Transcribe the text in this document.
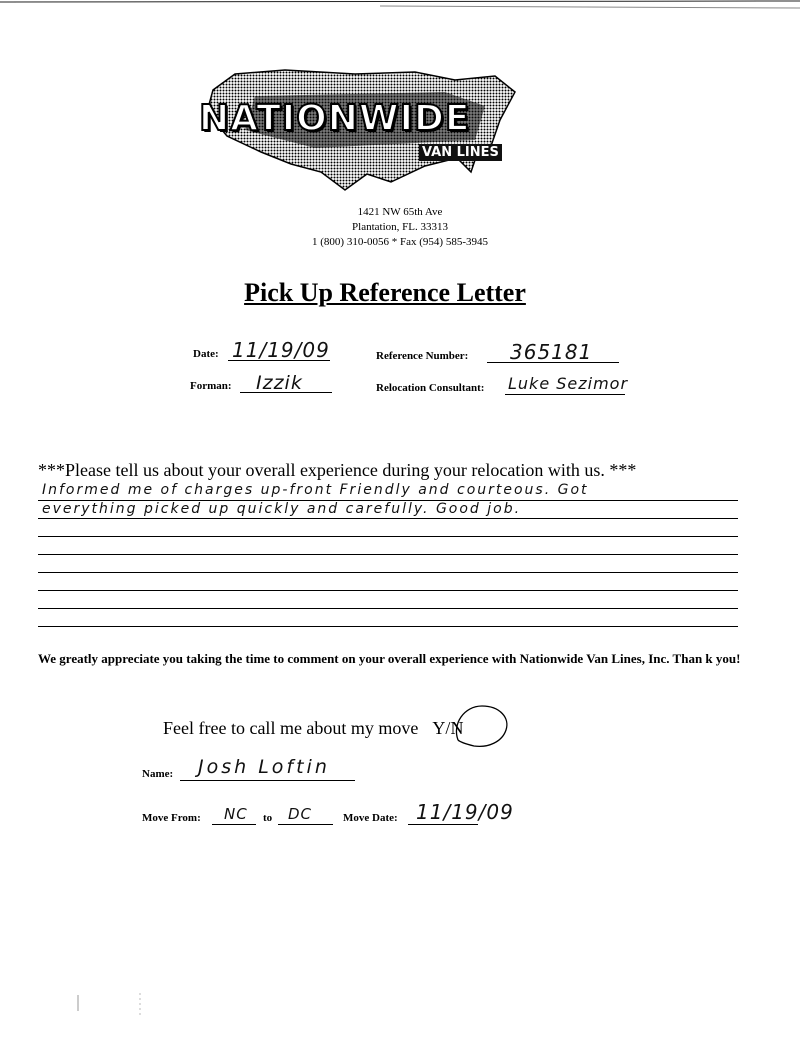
NATIONWIDE
VAN LINES
1421 NW 65th Ave
Plantation, FL. 33313
1 (800) 310-0056 * Fax (954) 585-3945
Pick Up Reference Letter
Date: 11/19/09	Reference Number: 365181
Forman: Izzik	Relocation Consultant: Luke Sezimor
***Please tell us about your overall experience during your relocation with us. ***
Informed me of charges up-front Friendly and courteous. Got
everything picked up quickly and carefully. Good job.
We greatly appreciate you taking the time to comment on your overall experience with Nationwide Van Lines, Inc. Than k you!
Feel free to call me about my move Y/N
Name: Josh Loftin
Move From: NC to DC	Move Date: 11/19/09
